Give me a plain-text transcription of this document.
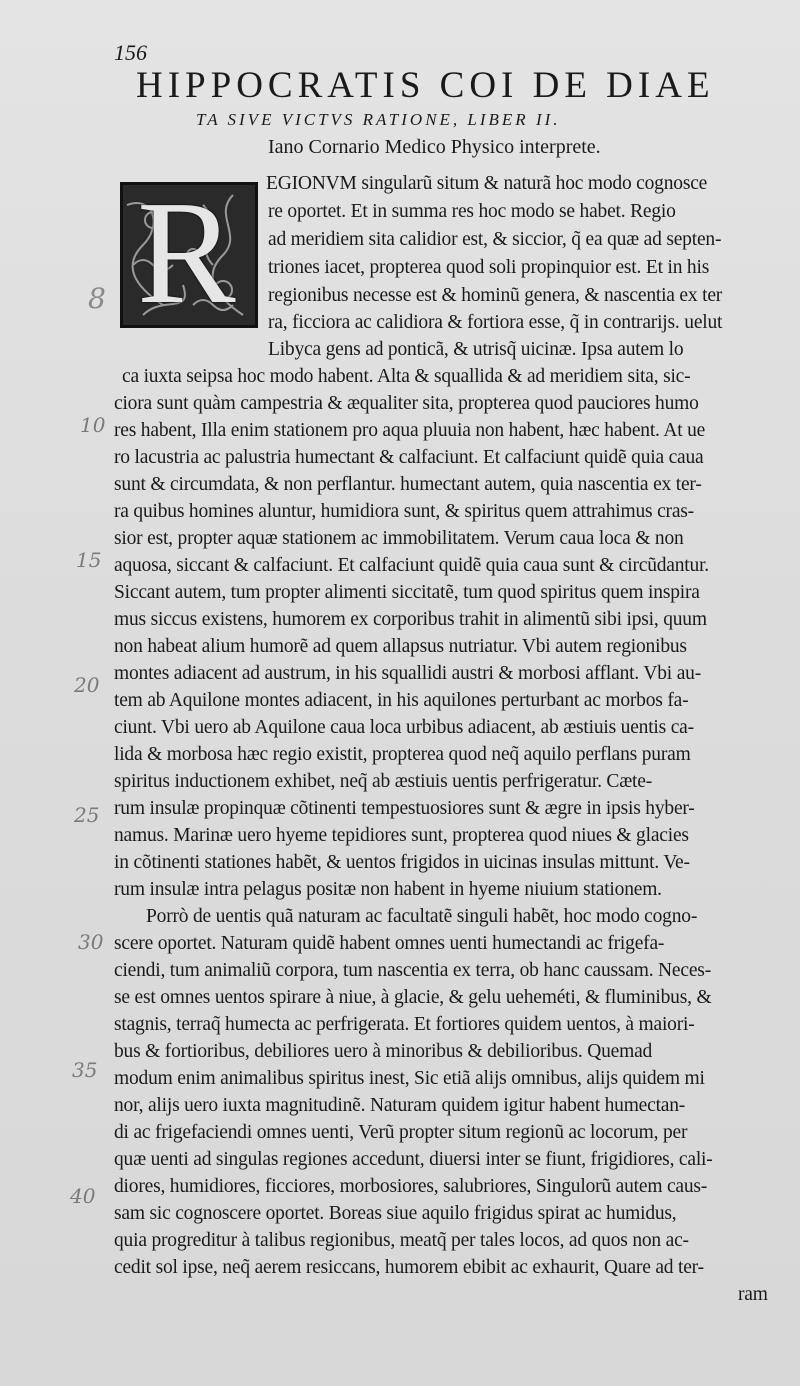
156
HIPPOCRATIS COI DE DIAE
TA SIVE VICTVS RATIONE, LIBER II.
Iano Cornario Medico Physico interprete.
R EGIONVM singularũ situm & naturã hoc modo cognosce
re oportet. Et in summa res hoc modo se habet. Regio
ad meridiem sita calidior est, & siccior, q̃ ea quæ ad septen-
triones iacet, propterea quod soli propinquior est. Et in his
regionibus necesse est & hominũ genera, & nascentia ex ter
ra, ficciora ac calidiora & fortiora esse, q̃ in contrarijs. uelut
Libyca gens ad ponticã, & utrisq̃ uicinæ. Ipsa autem lo
ca iuxta seipsa hoc modo habent. Alta & squallida & ad meridiem sita, sic-
ciora sunt quàm campestria & æqualiter sita, propterea quod pauciores humo
res habent, Illa enim stationem pro aqua pluuia non habent, hæc habent. At ue
ro lacustria ac palustria humectant & calfaciunt. Et calfaciunt quidẽ quia caua
sunt & circumdata, & non perflantur. humectant autem, quia nascentia ex ter-
ra quibus homines aluntur, humidiora sunt, & spiritus quem attrahimus cras-
sior est, propter aquæ stationem ac immobilitatem. Verum caua loca & non
aquosa, siccant & calfaciunt. Et calfaciunt quidẽ quia caua sunt & circũdantur.
Siccant autem, tum propter alimenti siccitatẽ, tum quod spiritus quem inspira
mus siccus existens, humorem ex corporibus trahit in alimentũ sibi ipsi, quum
non habeat alium humorẽ ad quem allapsus nutriatur. Vbi autem regionibus
montes adiacent ad austrum, in his squallidi austri & morbosi afflant. Vbi au-
tem ab Aquilone montes adiacent, in his aquilones perturbant ac morbos fa-
ciunt. Vbi uero ab Aquilone caua loca urbibus adiacent, ab æstiuis uentis ca-
lida & morbosa hæc regio existit, propterea quod neq̃ aquilo perflans puram
spiritus inductionem exhibet, neq̃ ab æstiuis uentis perfrigeratur. Cæte-
rum insulæ propinquæ cõtinenti tempestuosiores sunt & ægre in ipsis hyber-
namus. Marinæ uero hyeme tepidiores sunt, propterea quod niues & glacies
in cõtinenti stationes habẽt, & uentos frigidos in uicinas insulas mittunt. Ve-
rum insulæ intra pelagus positæ non habent in hyeme niuium stationem.
Porrò de uentis quã naturam ac facultatẽ singuli habẽt, hoc modo cogno-
scere oportet. Naturam quidẽ habent omnes uenti humectandi ac frigefa-
ciendi, tum animaliũ corpora, tum nascentia ex terra, ob hanc caussam. Neces-
se est omnes uentos spirare à niue, à glacie, & gelu ueheméti, & fluminibus, &
stagnis, terraq̃ humecta ac perfrigerata. Et fortiores quidem uentos, à maiori-
bus & fortioribus, debiliores uero à minoribus & debilioribus. Quemad
modum enim animalibus spiritus inest, Sic etiã alijs omnibus, alijs quidem mi
nor, alijs uero iuxta magnitudinẽ. Naturam quidem igitur habent humectan-
di ac frigefaciendi omnes uenti, Verũ propter situm regionũ ac locorum, per
quæ uenti ad singulas regiones accedunt, diuersi inter se fiunt, frigidiores, cali-
diores, humidiores, ficciores, morbosiores, salubriores, Singulorũ autem caus-
sam sic cognoscere oportet. Boreas siue aquilo frigidus spirat ac humidus,
quia progreditur à talibus regionibus, meatq̃ per tales locos, ad quos non ac-
cedit sol ipse, neq̃ aerem resiccans, humorem ebibit ac exhaurit, Quare ad ter-
ram
8
10
15
20
25
30
35
40
